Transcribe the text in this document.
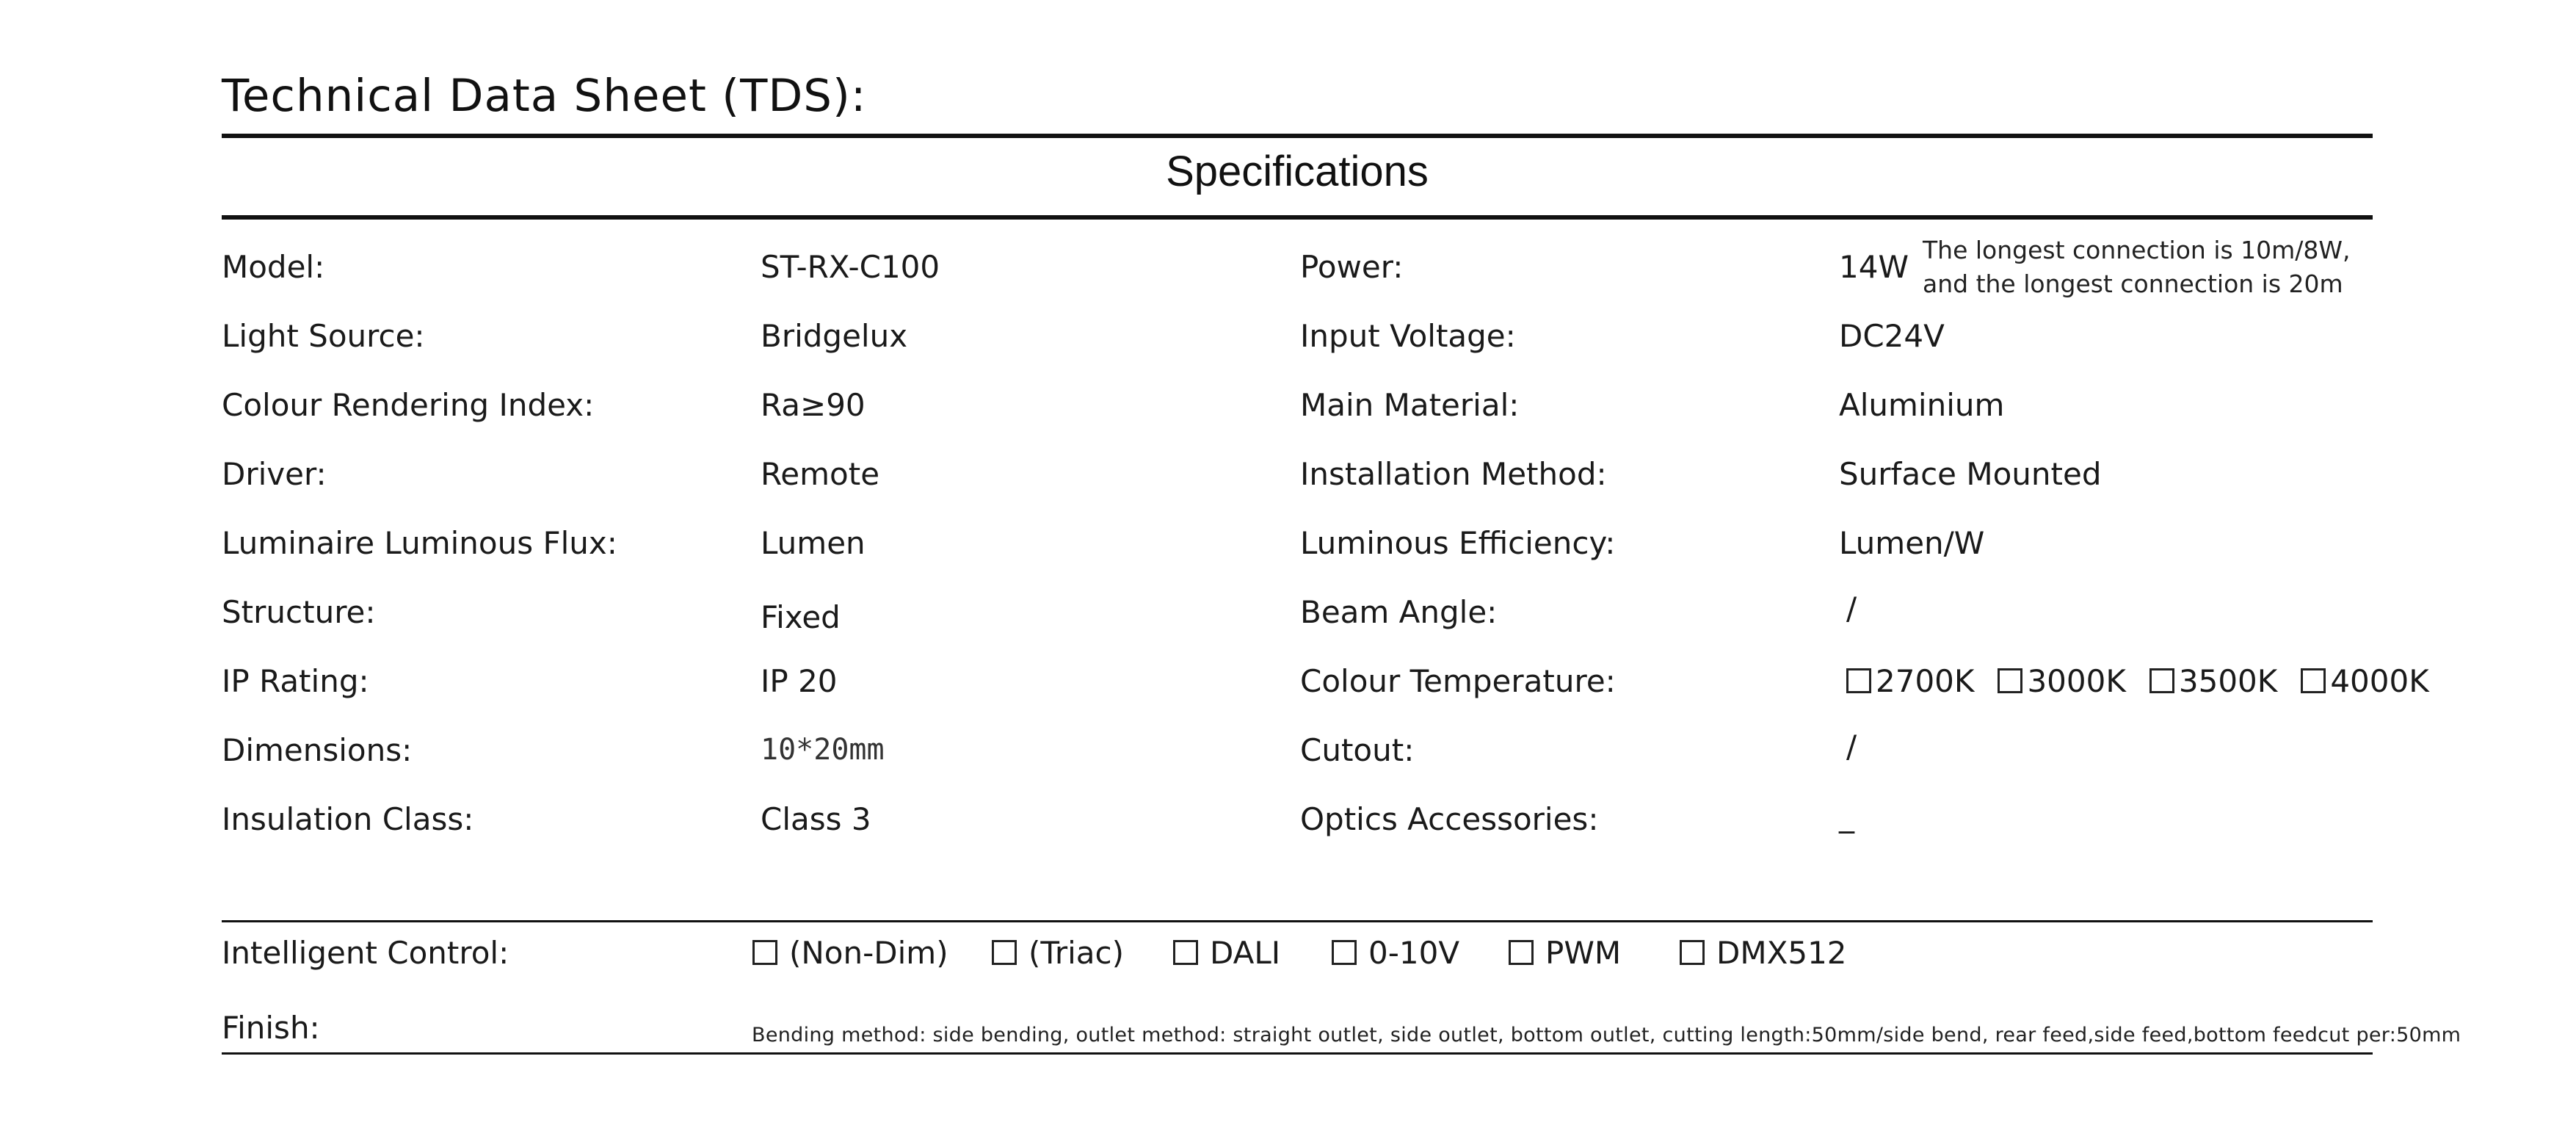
Technical Data Sheet (TDS):
Specifications
Model:	ST-RX-C100	Power:	14W The longest connection is 10m/8W,
and the longest connection is 20m
Light Source:	Bridgelux	Input Voltage:	DC24V
Colour Rendering Index:	Ra≥90	Main Material:	Aluminium
Driver:	Remote	Installation Method:	Surface Mounted
Luminaire Luminous Flux:	Lumen	Luminous Efficiency:	Lumen/W
Structure:	Fixed	Beam Angle:	/
IP Rating:	IP 20	Colour Temperature:	2700K 3000K 3500K 4000K
Dimensions:	10*20mm	Cutout:	/
Insulation Class:	Class 3	Optics Accessories:	_
Intelligent Control:	(Non-Dim)	(Triac)	DALI	0-10V	PWM	DMX512
Finish:	Bending method: side bending, outlet method: straight outlet, side outlet, bottom outlet, cutting length:50mm/side bend, rear feed,side feed,bottom feedcut per:50mm
